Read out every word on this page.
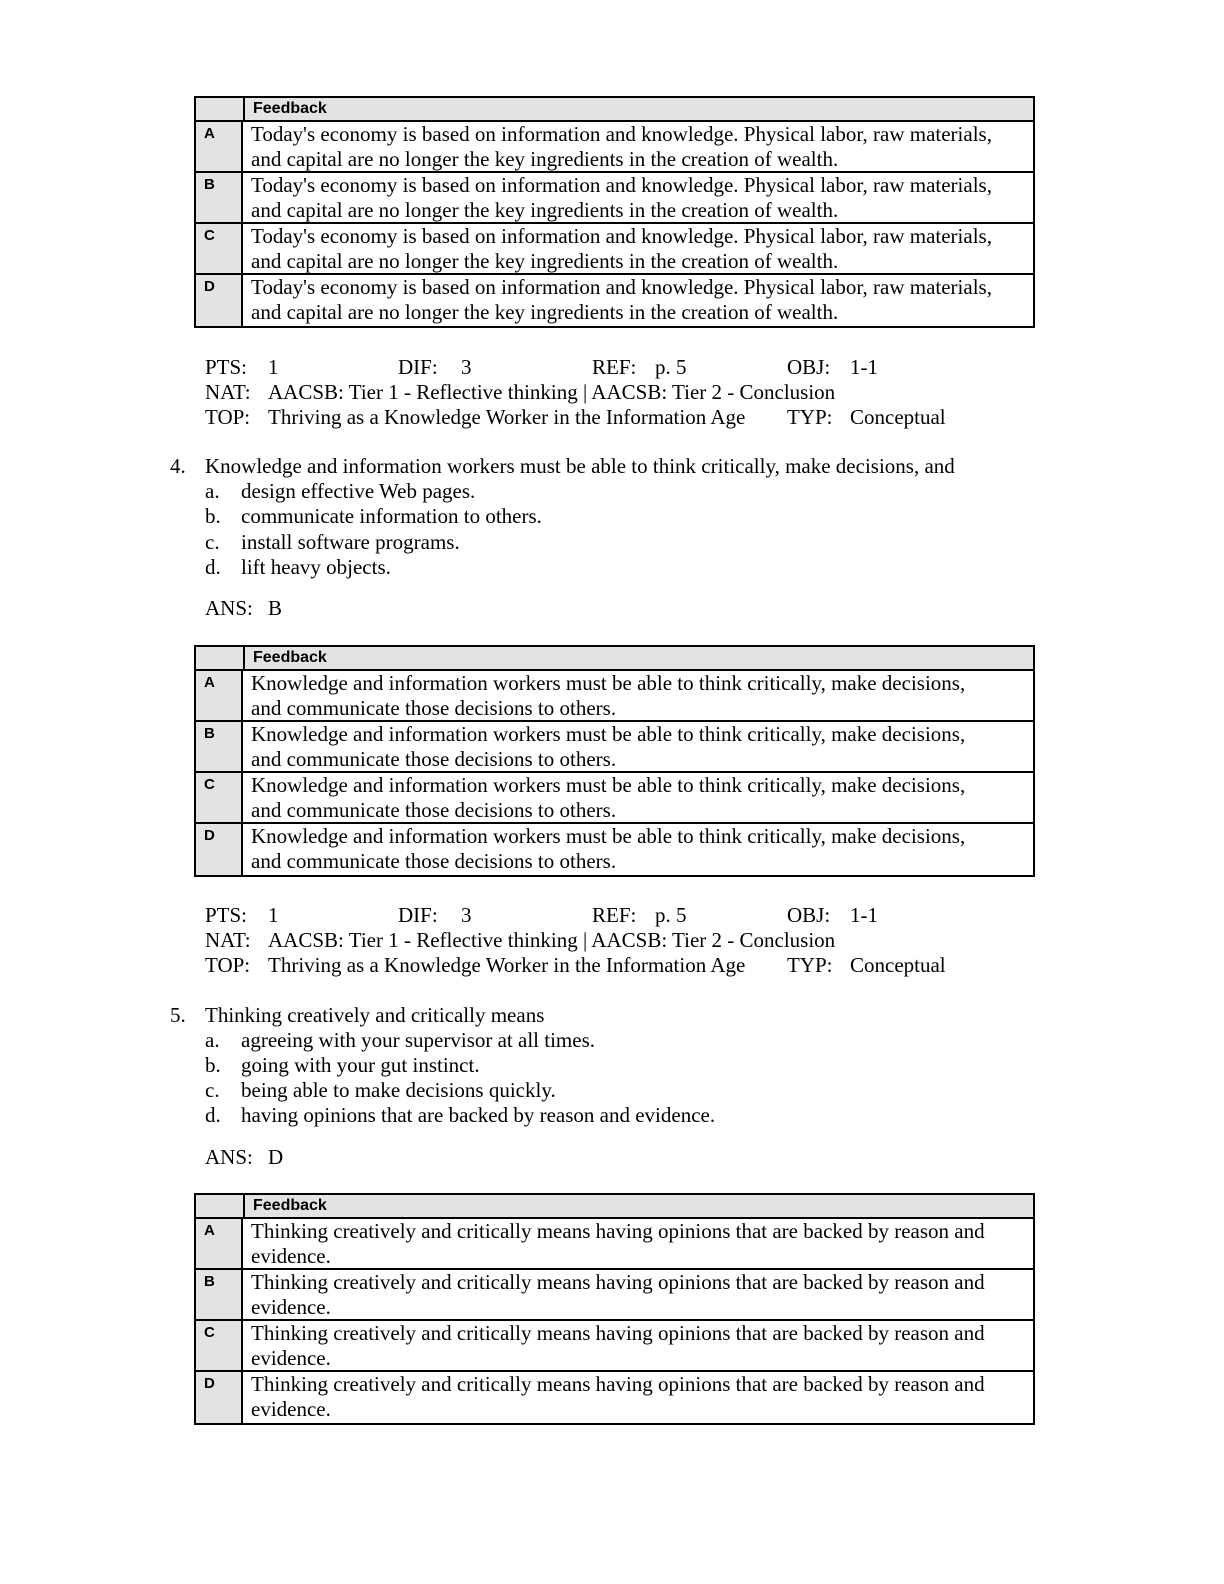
Feedback
A	Today's economy is based on information and knowledge. Physical labor, raw materials,
and capital are no longer the key ingredients in the creation of wealth.
B	Today's economy is based on information and knowledge. Physical labor, raw materials,
and capital are no longer the key ingredients in the creation of wealth.
C	Today's economy is based on information and knowledge. Physical labor, raw materials,
and capital are no longer the key ingredients in the creation of wealth.
D	Today's economy is based on information and knowledge. Physical labor, raw materials,
and capital are no longer the key ingredients in the creation of wealth.
PTS: 1	DIF: 3	REF: p. 5	OBJ: 1-1
NAT: AACSB: Tier 1 - Reflective thinking | AACSB: Tier 2 - Conclusion
TOP: Thriving as a Knowledge Worker in the Information Age TYP: Conceptual
4. Knowledge and information workers must be able to think critically, make decisions, and
a. design effective Web pages.
b. communicate information to others.
c. install software programs.
d. lift heavy objects.
ANS: B
Feedback
A	Knowledge and information workers must be able to think critically, make decisions,
and communicate those decisions to others.
B	Knowledge and information workers must be able to think critically, make decisions,
and communicate those decisions to others.
C	Knowledge and information workers must be able to think critically, make decisions,
and communicate those decisions to others.
D	Knowledge and information workers must be able to think critically, make decisions,
and communicate those decisions to others.
PTS: 1	DIF: 3	REF: p. 5	OBJ: 1-1
NAT: AACSB: Tier 1 - Reflective thinking | AACSB: Tier 2 - Conclusion
TOP: Thriving as a Knowledge Worker in the Information Age TYP: Conceptual
5. Thinking creatively and critically means
a. agreeing with your supervisor at all times.
b. going with your gut instinct.
c. being able to make decisions quickly.
d. having opinions that are backed by reason and evidence.
ANS: D
Feedback
A	Thinking creatively and critically means having opinions that are backed by reason and
evidence.
B	Thinking creatively and critically means having opinions that are backed by reason and
evidence.
C	Thinking creatively and critically means having opinions that are backed by reason and
evidence.
D	Thinking creatively and critically means having opinions that are backed by reason and
evidence.
